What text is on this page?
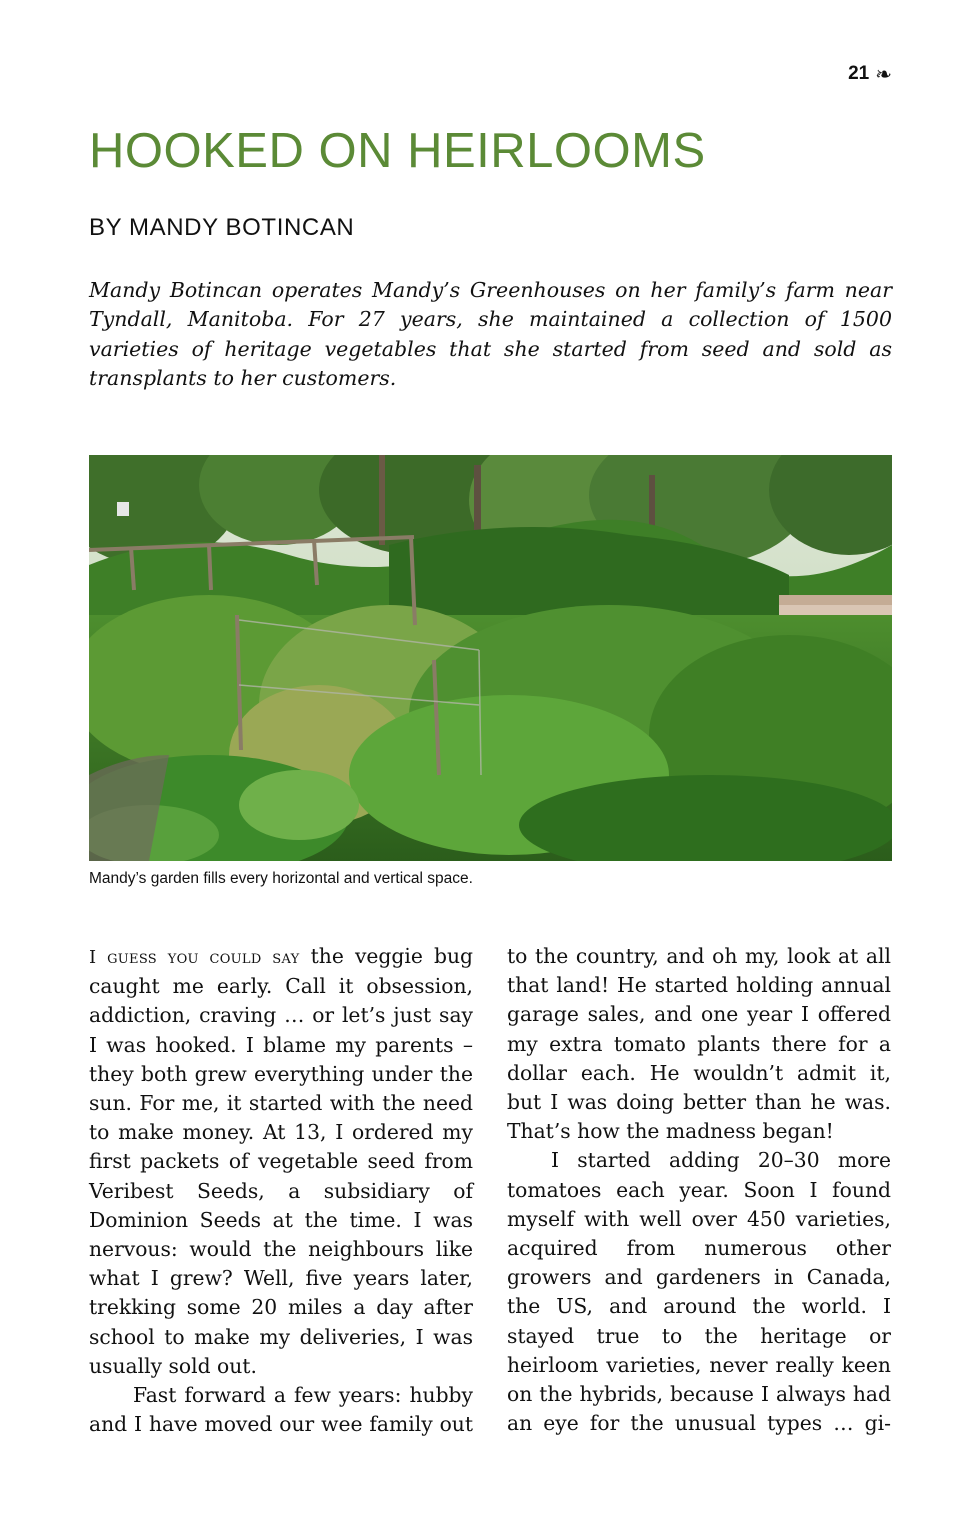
21 ❧
HOOKED ON HEIRLOOMS
BY MANDY BOTINCAN

Mandy Botincan operates Mandy’s Greenhouses on her family’s farm near Tyndall, Manitoba. For 27 years, she maintained a collection of 1500 varieties of heritage vegetables that she started from seed and sold as transplants to her customers.

Mandy’s garden fills every horizontal and vertical space.

I guess you could say the veggie bug caught me early. Call it obsession, addiction, craving … or let’s just say I was hooked. I blame my parents – they both grew everything under the sun. For me, it started with the need to make money. At 13, I ordered my first packets of vegetable seed from Veribest Seeds, a subsidiary of Dominion Seeds at the time. I was nervous: would the neighbours like what I grew? Well, five years later, trekking some 20 miles a day after school to make my deliveries, I was usually sold out.

Fast forward a few years: hubby and I have moved our wee family out

to the country, and oh my, look at all that land! He started holding annual garage sales, and one year I offered my extra tomato plants there for a dollar each. He wouldn’t admit it, but I was doing better than he was. That’s how the madness began!

I started adding 20–30 more tomatoes each year. Soon I found myself with well over 450 varieties, acquired from numerous other growers and gardeners in Canada, the US, and around the world. I stayed true to the heritage or heirloom varieties, never really keen on the hybrids, because I always had an eye for the unusual types … gi-
